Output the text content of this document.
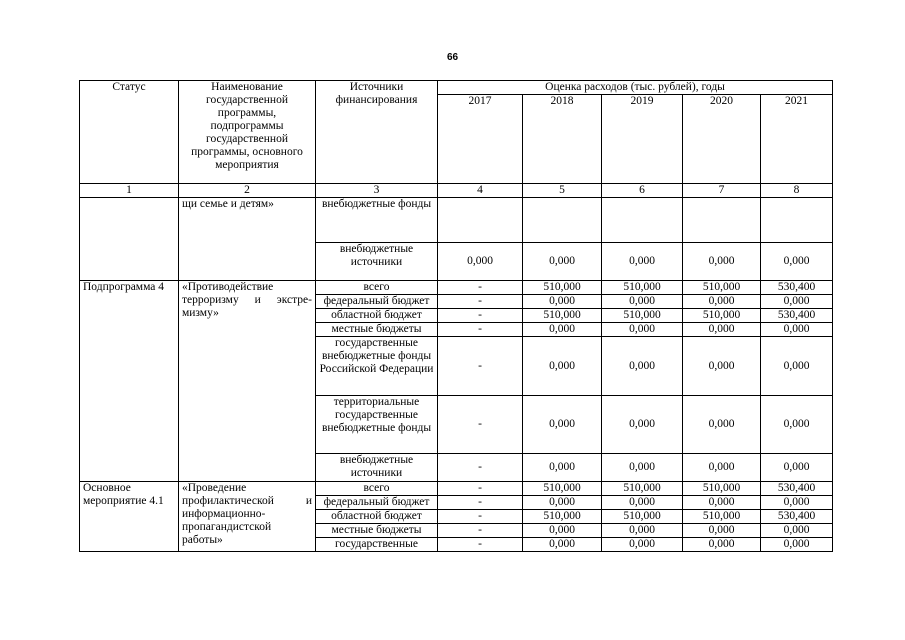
66
Статус	Наименование государственной программы, подпрограммы государственной программы, основного мероприятия	Источники финансирования	Оценка расходов (тыс. рублей), годы				
			2017	2018	2019	2020	2021
1	2	3	4	5	6	7	8
	щи семье и детям»	внебюджетные фонды					
		внебюджетные источники	0,000	0,000	0,000	0,000	0,000
Подпрограмма 4	«Противодействие терроризму и экстре- мизму»	всего	-	510,000	510,000	510,000	530,400
		федеральный бюджет	-	0,000	0,000	0,000	0,000
		областной бюджет	-	510,000	510,000	510,000	530,400
		местные бюджеты	-	0,000	0,000	0,000	0,000
		государственные внебюджетные фонды Российской Федерации	-	0,000	0,000	0,000	0,000
		территориальные государственные внебюджетные фонды	-	0,000	0,000	0,000	0,000
		внебюджетные источники	-	0,000	0,000	0,000	0,000
Основное мероприятие 4.1	«Проведение профилактической и информационно- пропагандистской работы»	всего	-	510,000	510,000	510,000	530,400
		федеральный бюджет	-	0,000	0,000	0,000	0,000
		областной бюджет	-	510,000	510,000	510,000	530,400
		местные бюджеты	-	0,000	0,000	0,000	0,000
		государственные	-	0,000	0,000	0,000	0,000
